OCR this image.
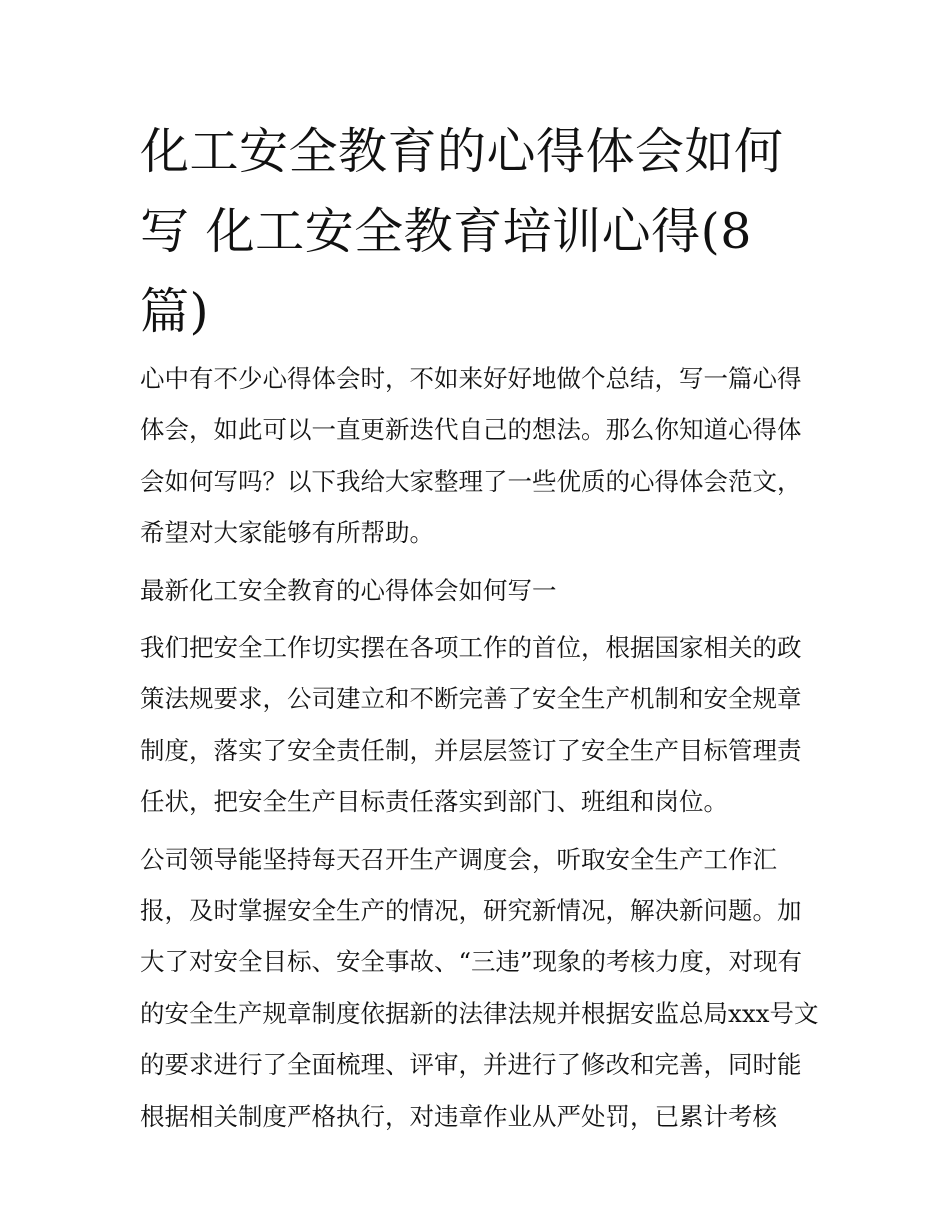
化工安全教育的心得体会如何写 化工安全教育培训心得(8篇)

心中有不少心得体会时，不如来好好地做个总结，写一篇心得体会，如此可以一直更新迭代自己的想法。那么你知道心得体会如何写吗？以下我给大家整理了一些优质的心得体会范文，希望对大家能够有所帮助。

最新化工安全教育的心得体会如何写一

我们把安全工作切实摆在各项工作的首位，根据国家相关的政策法规要求，公司建立和不断完善了安全生产机制和安全规章制度，落实了安全责任制，并层层签订了安全生产目标管理责任状，把安全生产目标责任落实到部门、班组和岗位。

公司领导能坚持每天召开生产调度会，听取安全生产工作汇报，及时掌握安全生产的情况，研究新情况，解决新问题。加大了对安全目标、安全事故、“三违”现象的考核力度，对现有的安全生产规章制度依据新的法律法规并根据安监总局xxx号文的要求进行了全面梳理、评审，并进行了修改和完善，同时能根据相关制度严格执行，对违章作业从严处罚，已累计考核
